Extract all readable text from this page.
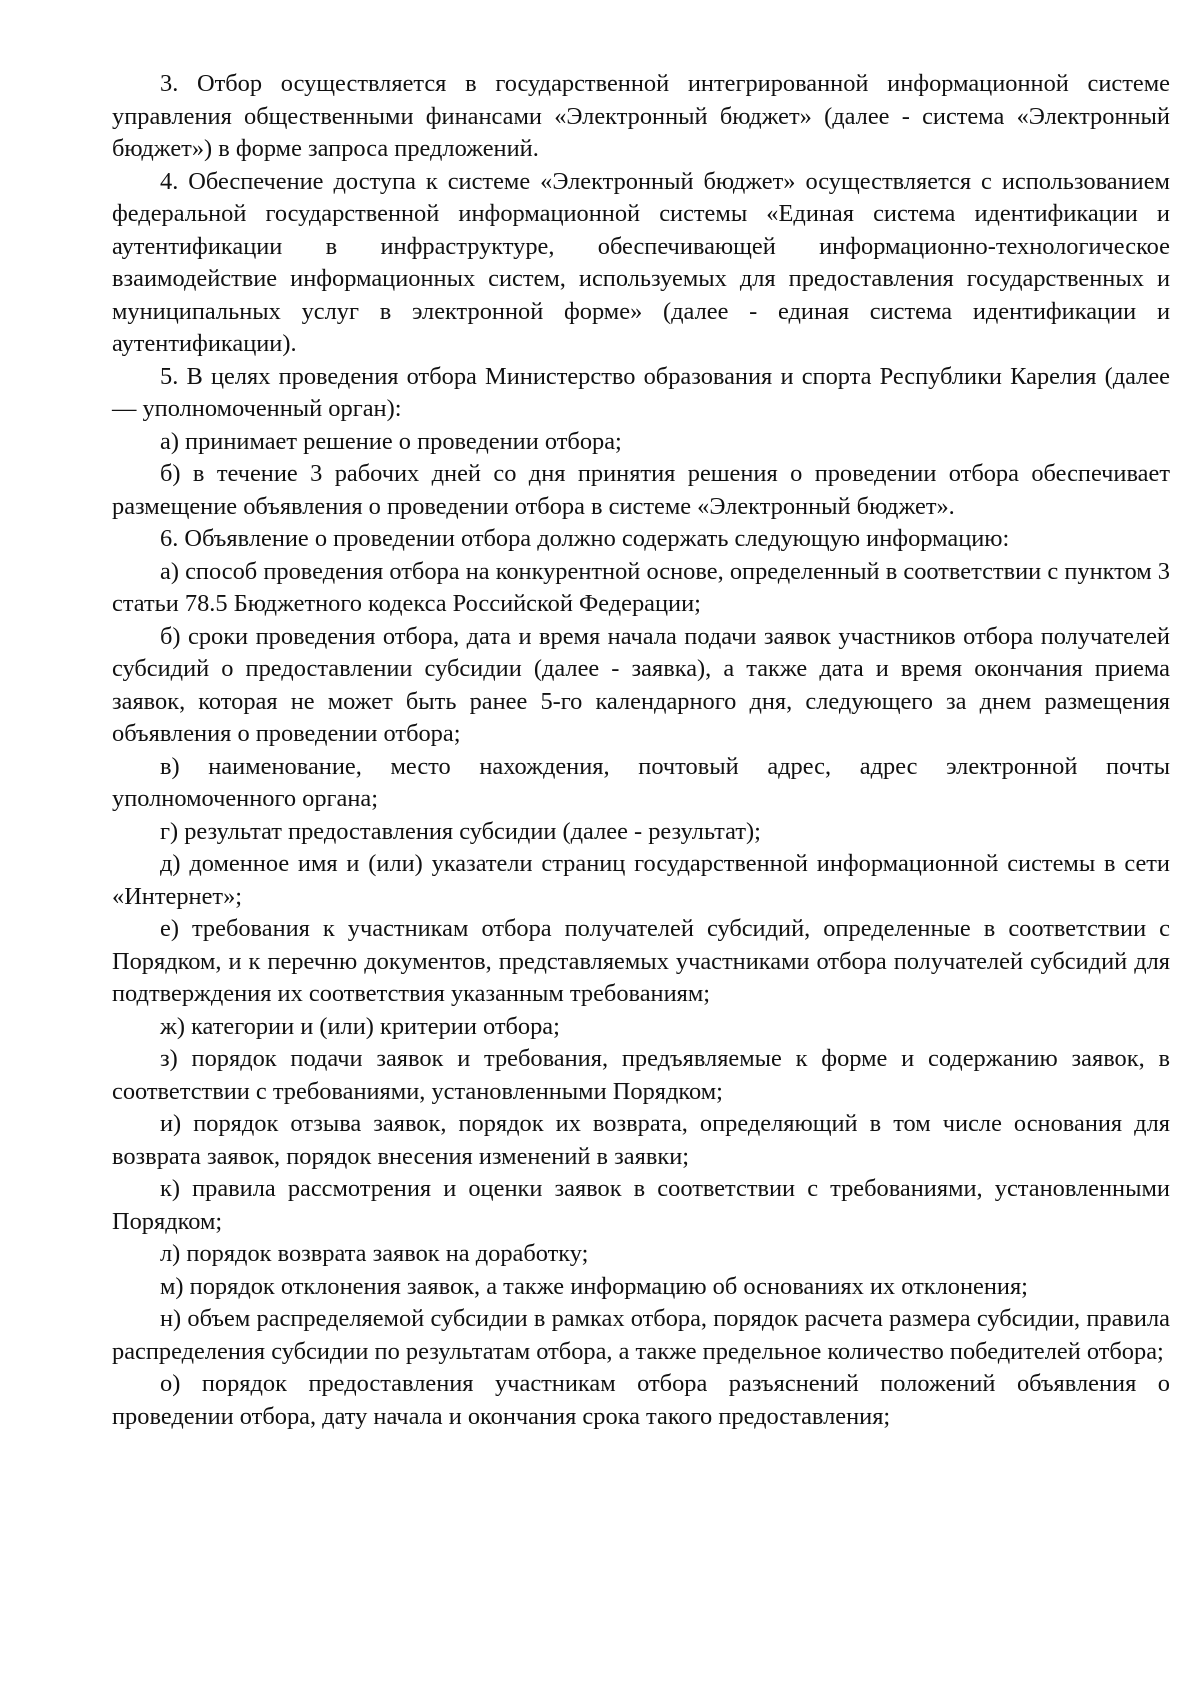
3. Отбор осуществляется в государственной интегрированной информационной системе управления общественными финансами «Электронный бюджет» (далее - система «Электронный бюджет») в форме запроса предложений.

4. Обеспечение доступа к системе «Электронный бюджет» осуществляется с использованием федеральной государственной информационной системы «Единая система идентификации и аутентификации в инфраструктуре, обеспечивающей информационно-технологическое взаимодействие информационных систем, используемых для предоставления государственных и муниципальных услуг в электронной форме» (далее - единая система идентификации и аутентификации).

5. В целях проведения отбора Министерство образования и спорта Республики Карелия (далее — уполномоченный орган):

а) принимает решение о проведении отбора;

б) в течение 3 рабочих дней со дня принятия решения о проведении отбора обеспечивает размещение объявления о проведении отбора в системе «Электронный бюджет».

6. Объявление о проведении отбора должно содержать следующую информацию:

а) способ проведения отбора на конкурентной основе, определенный в соответствии с пунктом 3 статьи 78.5 Бюджетного кодекса Российской Федерации;

б) сроки проведения отбора, дата и время начала подачи заявок участников отбора получателей субсидий о предоставлении субсидии (далее - заявка), а также дата и время окончания приема заявок, которая не может быть ранее 5-го календарного дня, следующего за днем размещения объявления о проведении отбора;

в) наименование, место нахождения, почтовый адрес, адрес электронной почты уполномоченного органа;

г) результат предоставления субсидии (далее - результат);

д) доменное имя и (или) указатели страниц государственной информационной системы в сети «Интернет»;

е) требования к участникам отбора получателей субсидий, определенные в соответствии с Порядком, и к перечню документов, представляемых участниками отбора получателей субсидий для подтверждения их соответствия указанным требованиям;

ж) категории и (или) критерии отбора;

з) порядок подачи заявок и требования, предъявляемые к форме и содержанию заявок, в соответствии с требованиями, установленными Порядком;

и) порядок отзыва заявок, порядок их возврата, определяющий в том числе основания для возврата заявок, порядок внесения изменений в заявки;

к) правила рассмотрения и оценки заявок в соответствии с требованиями, установленными Порядком;

л) порядок возврата заявок на доработку;

м) порядок отклонения заявок, а также информацию об основаниях их отклонения;

н) объем распределяемой субсидии в рамках отбора, порядок расчета размера субсидии, правила распределения субсидии по результатам отбора, а также предельное количество победителей отбора;

о) порядок предоставления участникам отбора разъяснений положений объявления о проведении отбора, дату начала и окончания срока такого предоставления;
